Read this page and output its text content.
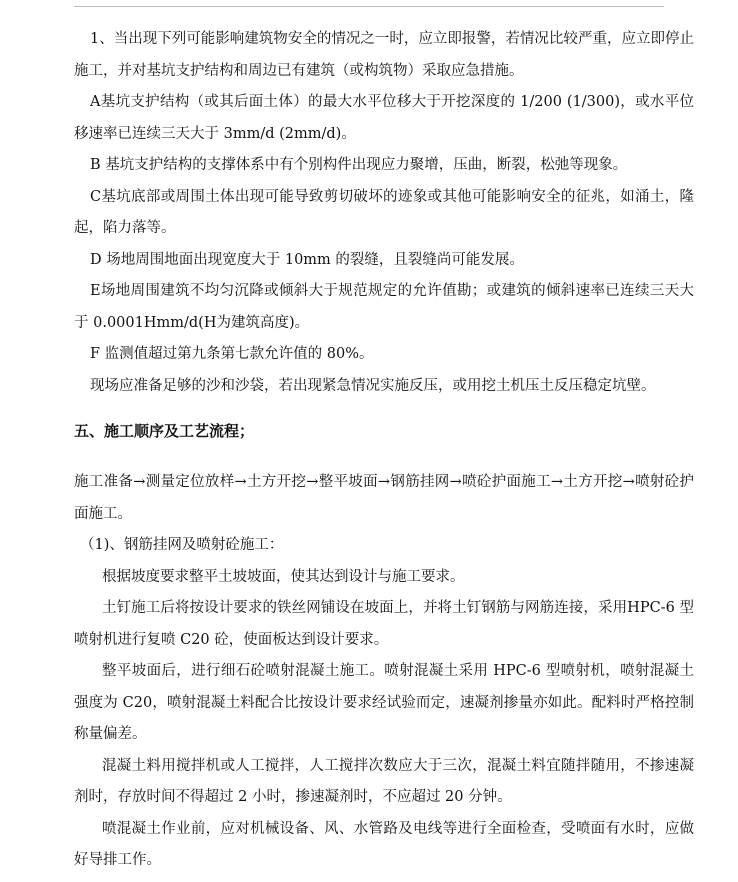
1、当出现下列可能影响建筑物安全的情况之一时，应立即报警，若情况比较严重，应立即停止施工，并对基坑支护结构和周边已有建筑（或构筑物）采取应急措施。

A基坑支护结构（或其后面土体）的最大水平位移大于开挖深度的 1/200 (1/300)，或水平位移速率已连续三天大于 3mm/d (2mm/d)。

B 基坑支护结构的支撑体系中有个别构件出现应力聚增，压曲，断裂，松弛等现象。

C基坑底部或周围土体出现可能导致剪切破坏的迹象或其他可能影响安全的征兆，如涌土，隆起，陷力落等。

D 场地周围地面出现宽度大于 10mm 的裂缝，且裂缝尚可能发展。

E场地周围建筑不均匀沉降或倾斜大于规范规定的允许值勘；或建筑的倾斜速率已连续三天大于 0.0001Hmm/d(H为建筑高度)。

F 监测值超过第九条第七款允许值的 80%。

现场应准备足够的沙和沙袋，若出现紧急情况实施反压，或用挖土机压土反压稳定坑壁。

五、施工顺序及工艺流程；

施工准备→测量定位放样→土方开挖→整平坡面→钢筋挂网→喷砼护面施工→土方开挖→喷射砼护面施工。

（1)、钢筋挂网及喷射砼施工：

根据坡度要求整平土坡坡面，使其达到设计与施工要求。

土钉施工后将按设计要求的铁丝网铺设在坡面上，并将土钉钢筋与网筋连接，采用HPC-6 型喷射机进行复喷 C20 砼，使面板达到设计要求。

整平坡面后，进行细石砼喷射混凝土施工。喷射混凝土采用 HPC-6 型喷射机，喷射混凝土强度为 C20，喷射混凝土料配合比按设计要求经试验而定，速凝剂掺量亦如此。配料时严格控制称量偏差。

混凝土料用搅拌机或人工搅拌，人工搅拌次数应大于三次，混凝土料宜随拌随用，不掺速凝剂时，存放时间不得超过 2 小时，掺速凝剂时，不应超过 20 分钟。

喷混凝土作业前，应对机械设备、风、水管路及电线等进行全面检查，受喷面有水时，应做好导排工作。
